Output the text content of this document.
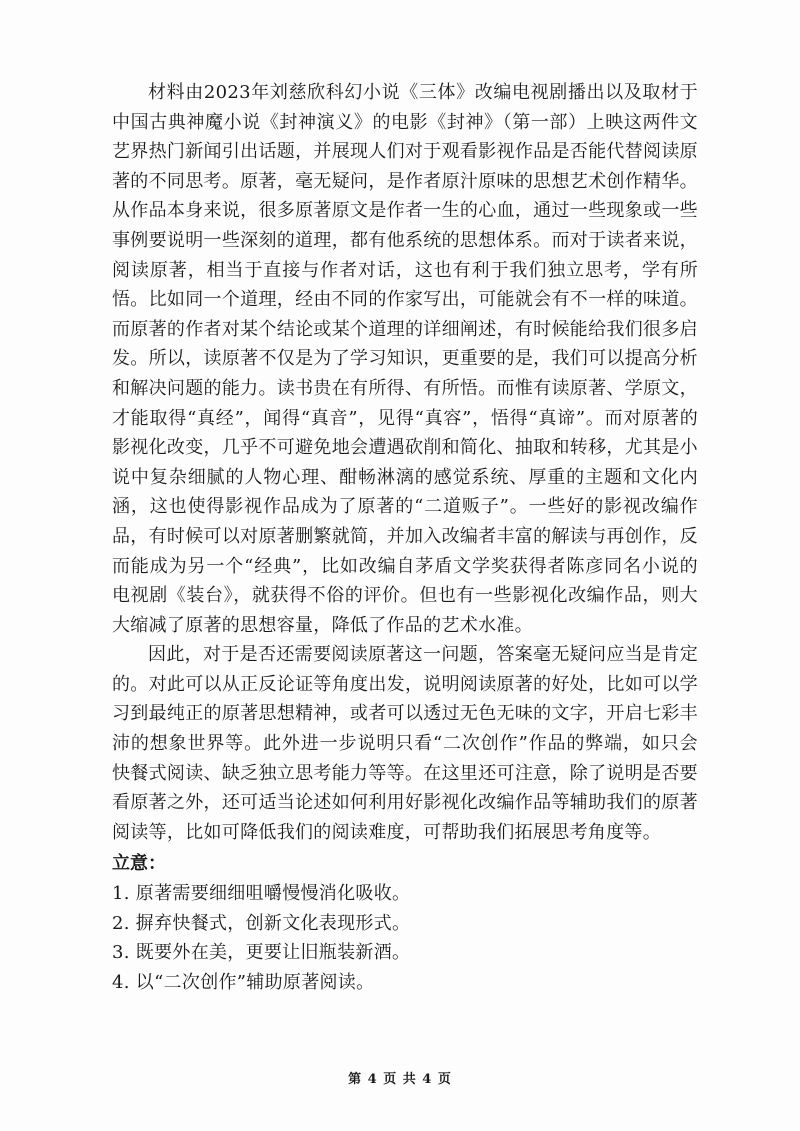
材料由2023年刘慈欣科幻小说《三体》改编电视剧播出以及取材于中国古典神魔小说《封神演义》的电影《封神》（第一部）上映这两件文艺界热门新闻引出话题，并展现人们对于观看影视作品是否能代替阅读原著的不同思考。原著，毫无疑问，是作者原汁原味的思想艺术创作精华。从作品本身来说，很多原著原文是作者一生的心血，通过一些现象或一些事例要说明一些深刻的道理，都有他系统的思想体系。而对于读者来说，阅读原著，相当于直接与作者对话，这也有利于我们独立思考，学有所悟。比如同一个道理，经由不同的作家写出，可能就会有不一样的味道。而原著的作者对某个结论或某个道理的详细阐述，有时候能给我们很多启发。所以，读原著不仅是为了学习知识，更重要的是，我们可以提高分析和解决问题的能力。读书贵在有所得、有所悟。而惟有读原著、学原文，才能取得“真经”，闻得“真音”，见得“真容”，悟得“真谛”。而对原著的影视化改变，几乎不可避免地会遭遇砍削和简化、抽取和转移，尤其是小说中复杂细腻的人物心理、酣畅淋漓的感觉系统、厚重的主题和文化内涵，这也使得影视作品成为了原著的“二道贩子”。一些好的影视改编作品，有时候可以对原著删繁就简，并加入改编者丰富的解读与再创作，反而能成为另一个“经典”，比如改编自茅盾文学奖获得者陈彦同名小说的电视剧《装台》，就获得不俗的评价。但也有一些影视化改编作品，则大大缩减了原著的思想容量，降低了作品的艺术水准。

因此，对于是否还需要阅读原著这一问题，答案毫无疑问应当是肯定的。对此可以从正反论证等角度出发，说明阅读原著的好处，比如可以学习到最纯正的原著思想精神，或者可以透过无色无味的文字，开启七彩丰沛的想象世界等。此外进一步说明只看“二次创作”作品的弊端，如只会快餐式阅读、缺乏独立思考能力等等。在这里还可注意，除了说明是否要看原著之外，还可适当论述如何利用好影视化改编作品等辅助我们的原著阅读等，比如可降低我们的阅读难度，可帮助我们拓展思考角度等。

立意：

1. 原著需要细细咀嚼慢慢消化吸收。
2. 摒弃快餐式，创新文化表现形式。
3. 既要外在美，更要让旧瓶装新酒。
4. 以“二次创作”辅助原著阅读。
第 4 页 共 4 页
